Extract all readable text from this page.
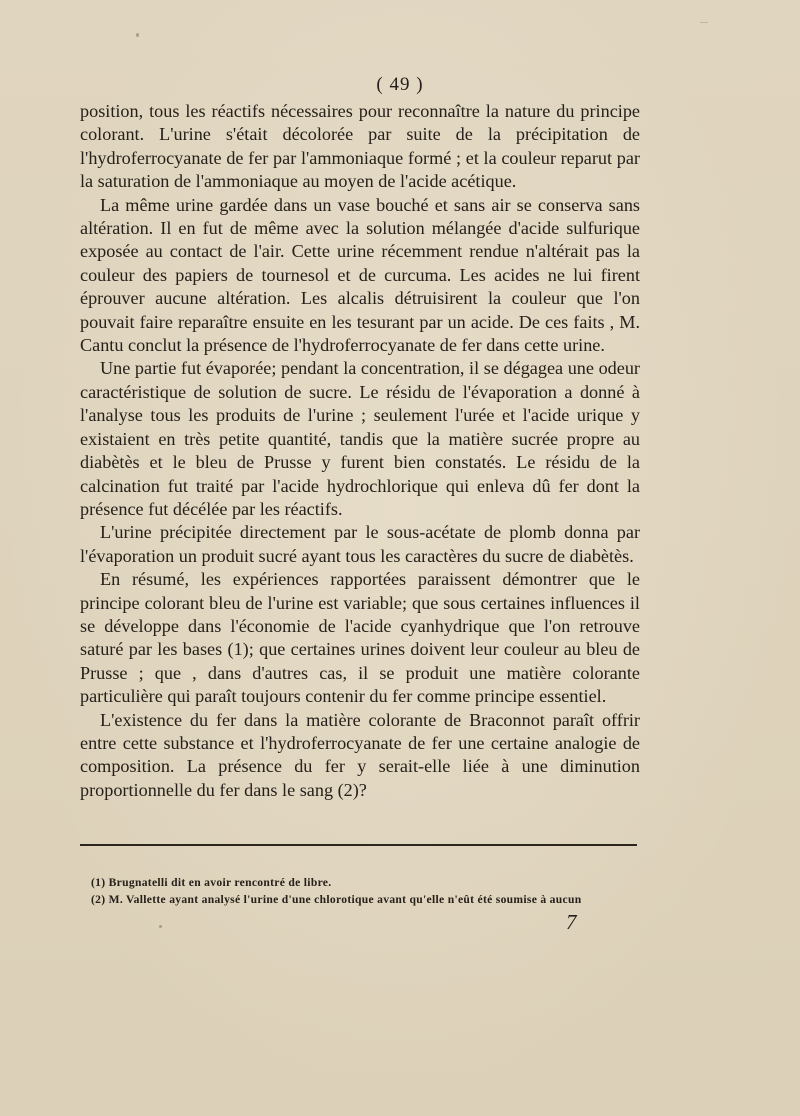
( 49 )

position, tous les réactifs nécessaires pour reconnaître la nature du principe colorant. L'urine s'était décolorée par suite de la précipitation de l'hydroferrocyanate de fer par l'ammoniaque formé ; et la couleur reparut par la saturation de l'ammoniaque au moyen de l'acide acétique.

La même urine gardée dans un vase bouché et sans air se conserva sans altération. Il en fut de même avec la solution mélangée d'acide sulfurique exposée au contact de l'air. Cette urine récemment rendue n'altérait pas la couleur des papiers de tournesol et de curcuma. Les acides ne lui firent éprouver aucune altération. Les alcalis détruisirent la couleur que l'on pouvait faire reparaître ensuite en les tesurant par un acide. De ces faits , M. Cantu conclut la présence de l'hydroferrocyanate de fer dans cette urine.

Une partie fut évaporée; pendant la concentration, il se dégagea une odeur caractéristique de solution de sucre. Le résidu de l'évaporation a donné à l'analyse tous les produits de l'urine ; seulement l'urée et l'acide urique y existaient en très petite quantité, tandis que la matière sucrée propre au diabètès et le bleu de Prusse y furent bien constatés. Le résidu de la calcination fut traité par l'acide hydrochlorique qui enleva dû fer dont la présence fut décélée par les réactifs.

L'urine précipitée directement par le sous-acétate de plomb donna par l'évaporation un produit sucré ayant tous les caractères du sucre de diabètès.

En résumé, les expériences rapportées paraissent démontrer que le principe colorant bleu de l'urine est variable; que sous certaines influences il se développe dans l'économie de l'acide cyanhydrique que l'on retrouve saturé par les bases (1); que certaines urines doivent leur couleur au bleu de Prusse ; que , dans d'autres cas, il se produit une matière colorante particulière qui paraît toujours contenir du fer comme principe essentiel.

L'existence du fer dans la matière colorante de Braconnot paraît offrir entre cette substance et l'hydroferrocyanate de fer une certaine analogie de composition. La présence du fer y serait-elle liée à une diminution proportionnelle du fer dans le sang (2)?

(1) Brugnatelli dit en avoir rencontré de libre.

(2) M. Vallette ayant analysé l'urine d'une chlorotique avant qu'elle n'eût été soumise à aucun

7
